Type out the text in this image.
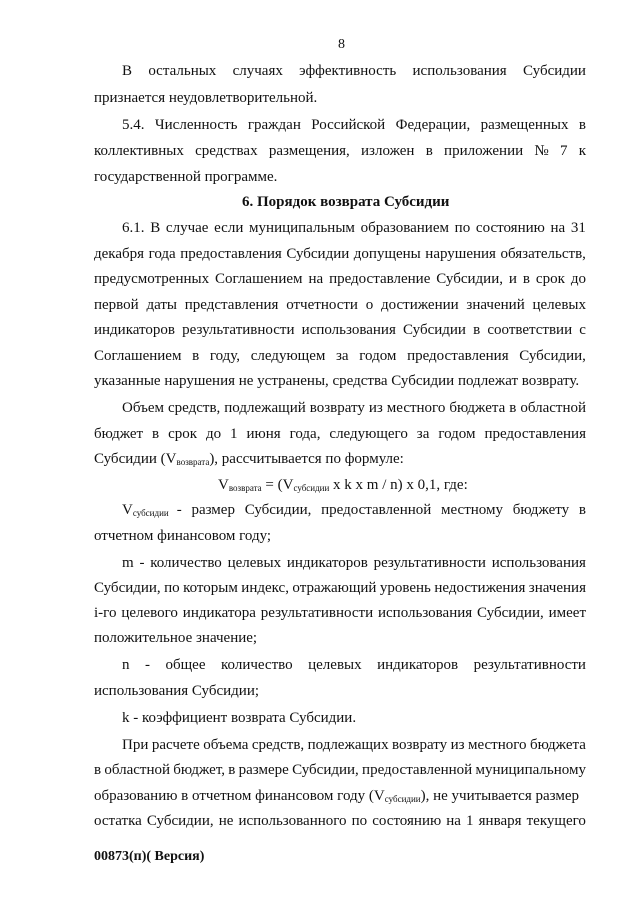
8
В остальных случаях эффективность использования Субсидии
признается неудовлетворительной.
5.4. Численность граждан Российской Федерации, размещенных в
коллективных средствах размещения, изложен в приложении № 7 к
государственной программе.
6. Порядок возврата Субсидии
6.1. В случае если муниципальным образованием по состоянию на 31
декабря года предоставления Субсидии допущены нарушения обязательств,
предусмотренных Соглашением на предоставление Субсидии, и в срок до
первой даты представления отчетности о достижении значений целевых
индикаторов результативности использования Субсидии в соответствии с
Соглашением в году, следующем за годом предоставления Субсидии,
указанные нарушения не устранены, средства Субсидии подлежат возврату.
Объем средств, подлежащий возврату из местного бюджета в областной
бюджет в срок до 1 июня года, следующего за годом предоставления
Субсидии (Vвозврата), рассчитывается по формуле:
Vвозврата = (Vсубсидии x k x m / n) x 0,1, где:
Vсубсидии - размер Субсидии, предоставленной местному бюджету в
отчетном финансовом году;
m - количество целевых индикаторов результативности использования
Субсидии, по которым индекс, отражающий уровень недостижения значения
i-го целевого индикатора результативности использования Субсидии, имеет
положительное значение;
n - общее количество целевых индикаторов результативности
использования Субсидии;
k - коэффициент возврата Субсидии.
При расчете объема средств, подлежащих возврату из местного бюджета
в областной бюджет, в размере Субсидии, предоставленной муниципальному
образованию в отчетном финансовом году (Vсубсидии), не учитывается размер
остатка Субсидии, не использованного по состоянию на 1 января текущего
00873(п)( Версия)
